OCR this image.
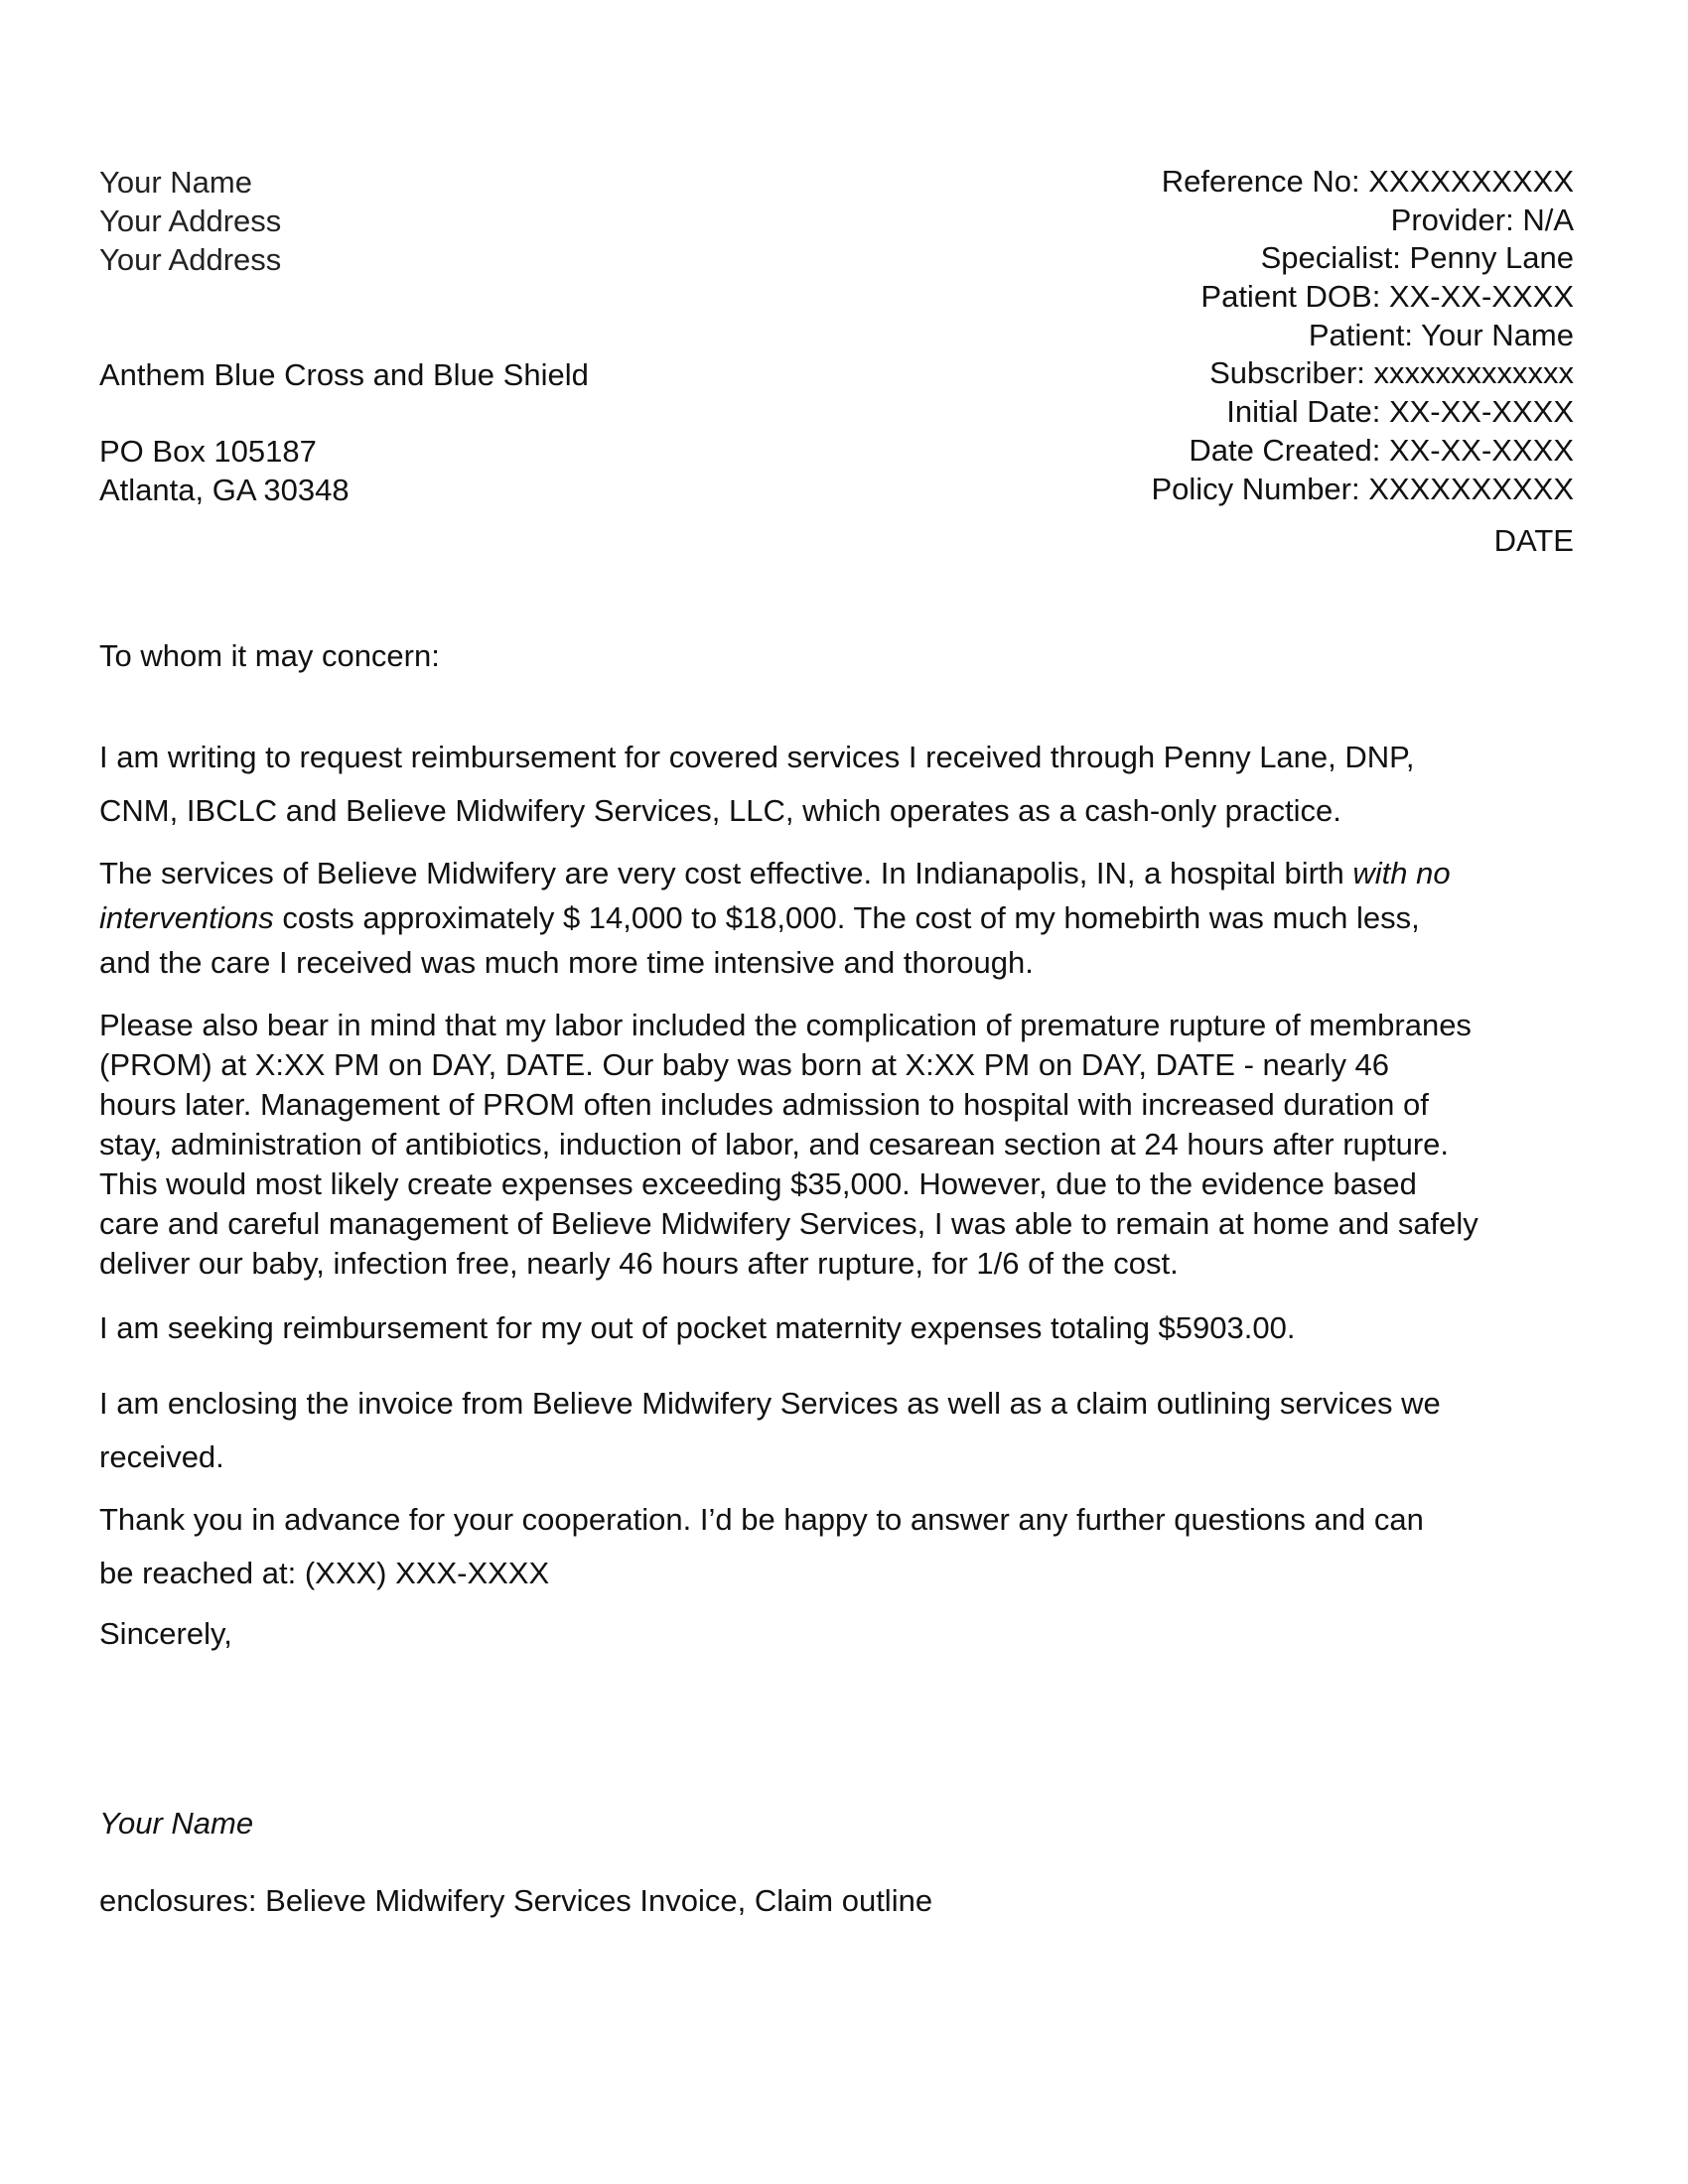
Your Name
Your Address
Your Address
Anthem Blue Cross and Blue Shield
PO Box 105187
Atlanta, GA 30348
Reference No: XXXXXXXXXX
Provider: N/A
Specialist: Penny Lane
Patient DOB: XX-XX-XXXX
Patient: Your Name
Subscriber: xxxxxxxxxxxxx
Initial Date: XX-XX-XXXX
Date Created: XX-XX-XXXX
Policy Number: XXXXXXXXXX
DATE
To whom it may concern:
I am writing to request reimbursement for covered services I received through Penny Lane, DNP,
CNM, IBCLC and Believe Midwifery Services, LLC, which operates as a cash-only practice.
The services of Believe Midwifery are very cost effective. In Indianapolis, IN, a hospital birth with no
interventions costs approximately $ 14,000 to $18,000. The cost of my homebirth was much less,
and the care I received was much more time intensive and thorough.
Please also bear in mind that my labor included the complication of premature rupture of membranes
(PROM) at X:XX PM on DAY, DATE. Our baby was born at X:XX PM on DAY, DATE - nearly 46
hours later. Management of PROM often includes admission to hospital with increased duration of
stay, administration of antibiotics, induction of labor, and cesarean section at 24 hours after rupture.
This would most likely create expenses exceeding $35,000. However, due to the evidence based
care and careful management of Believe Midwifery Services, I was able to remain at home and safely
deliver our baby, infection free, nearly 46 hours after rupture, for 1/6 of the cost.
I am seeking reimbursement for my out of pocket maternity expenses totaling $5903.00.
I am enclosing the invoice from Believe Midwifery Services as well as a claim outlining services we
received.
Thank you in advance for your cooperation. I’d be happy to answer any further questions and can
be reached at: (XXX) XXX-XXXX
Sincerely,
Your Name
enclosures: Believe Midwifery Services Invoice, Claim outline
